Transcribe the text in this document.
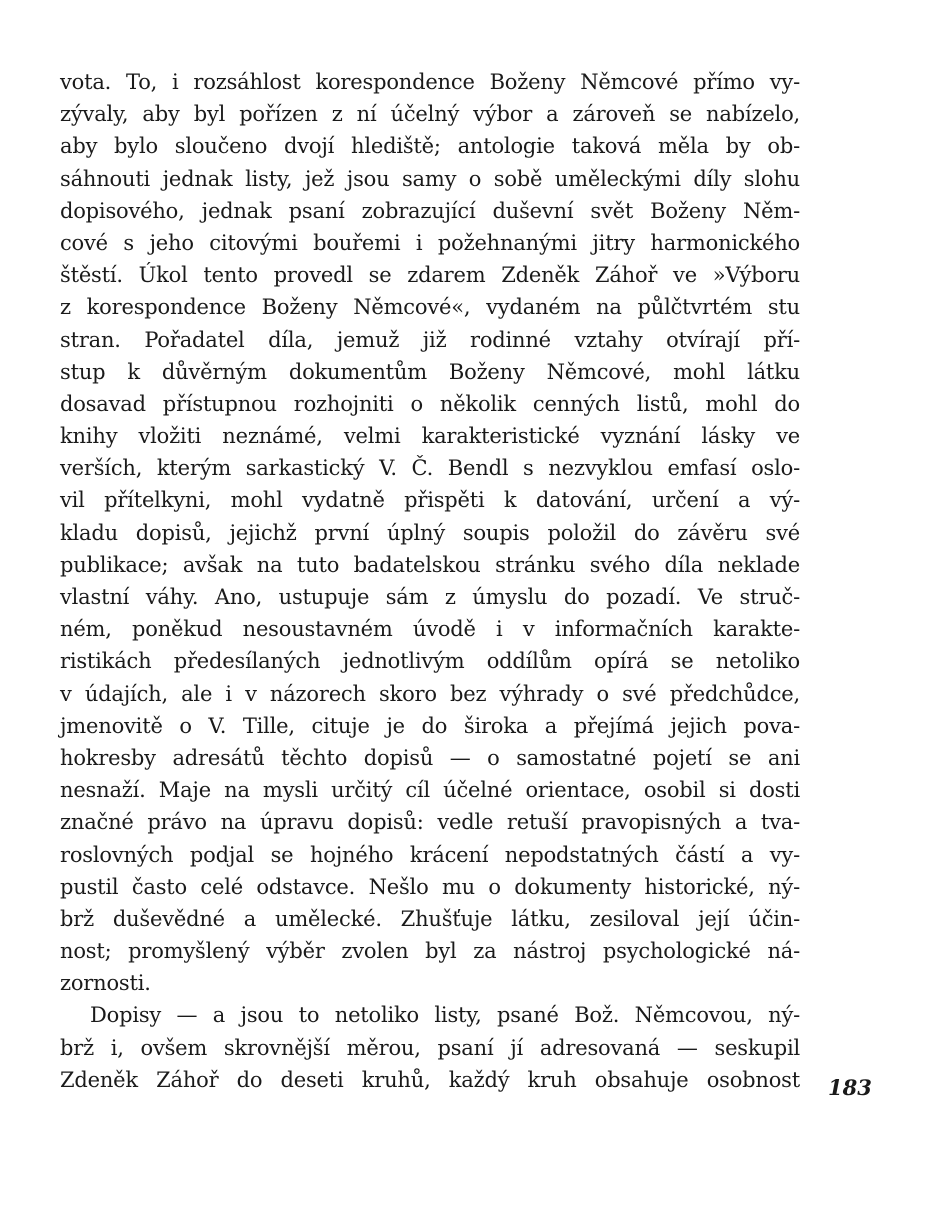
vota. To, i rozsáhlost korespondence Boženy Němcové přímo vy-
zývaly, aby byl pořízen z ní účelný výbor a zároveň se nabízelo,
aby bylo sloučeno dvojí hlediště; antologie taková měla by ob-
sáhnouti jednak listy, jež jsou samy o sobě uměleckými díly slohu
dopisového, jednak psaní zobrazující duševní svět Boženy Něm-
cové s jeho citovými bouřemi i požehnanými jitry harmonického
štěstí. Úkol tento provedl se zdarem Zdeněk Záhoř ve »Výboru
z korespondence Boženy Němcové«, vydaném na půlčtvrtém stu
stran. Pořadatel díla, jemuž již rodinné vztahy otvírají pří-
stup k důvěrným dokumentům Boženy Němcové, mohl látku
dosavad přístupnou rozhojniti o několik cenných listů, mohl do
knihy vložiti neznámé, velmi karakteristické vyznání lásky ve
verších, kterým sarkastický V. Č. Bendl s nezvyklou emfasí oslo-
vil přítelkyni, mohl vydatně přispěti k datování, určení a vý-
kladu dopisů, jejichž první úplný soupis položil do závěru své
publikace; avšak na tuto badatelskou stránku svého díla neklade
vlastní váhy. Ano, ustupuje sám z úmyslu do pozadí. Ve struč-
ném, poněkud nesoustavném úvodě i v informačních karakte-
ristikách předesílaných jednotlivým oddílům opírá se netoliko
v údajích, ale i v názorech skoro bez výhrady o své předchůdce,
jmenovitě o V. Tille, cituje je do široka a přejímá jejich pova-
hokresby adresátů těchto dopisů — o samostatné pojetí se ani
nesnaží. Maje na mysli určitý cíl účelné orientace, osobil si dosti
značné právo na úpravu dopisů: vedle retuší pravopisných a tva-
roslovných podjal se hojného krácení nepodstatných částí a vy-
pustil často celé odstavce. Nešlo mu o dokumenty historické, ný-
brž duševědné a umělecké. Zhušťuje látku, zesiloval její účin-
nost; promyšlený výběr zvolen byl za nástroj psychologické ná-
zornosti.
Dopisy — a jsou to netoliko listy, psané Bož. Němcovou, ný-
brž i, ovšem skrovnější měrou, psaní jí adresovaná — seskupil
Zdeněk Záhoř do deseti kruhů, každý kruh obsahuje osobnost 183
